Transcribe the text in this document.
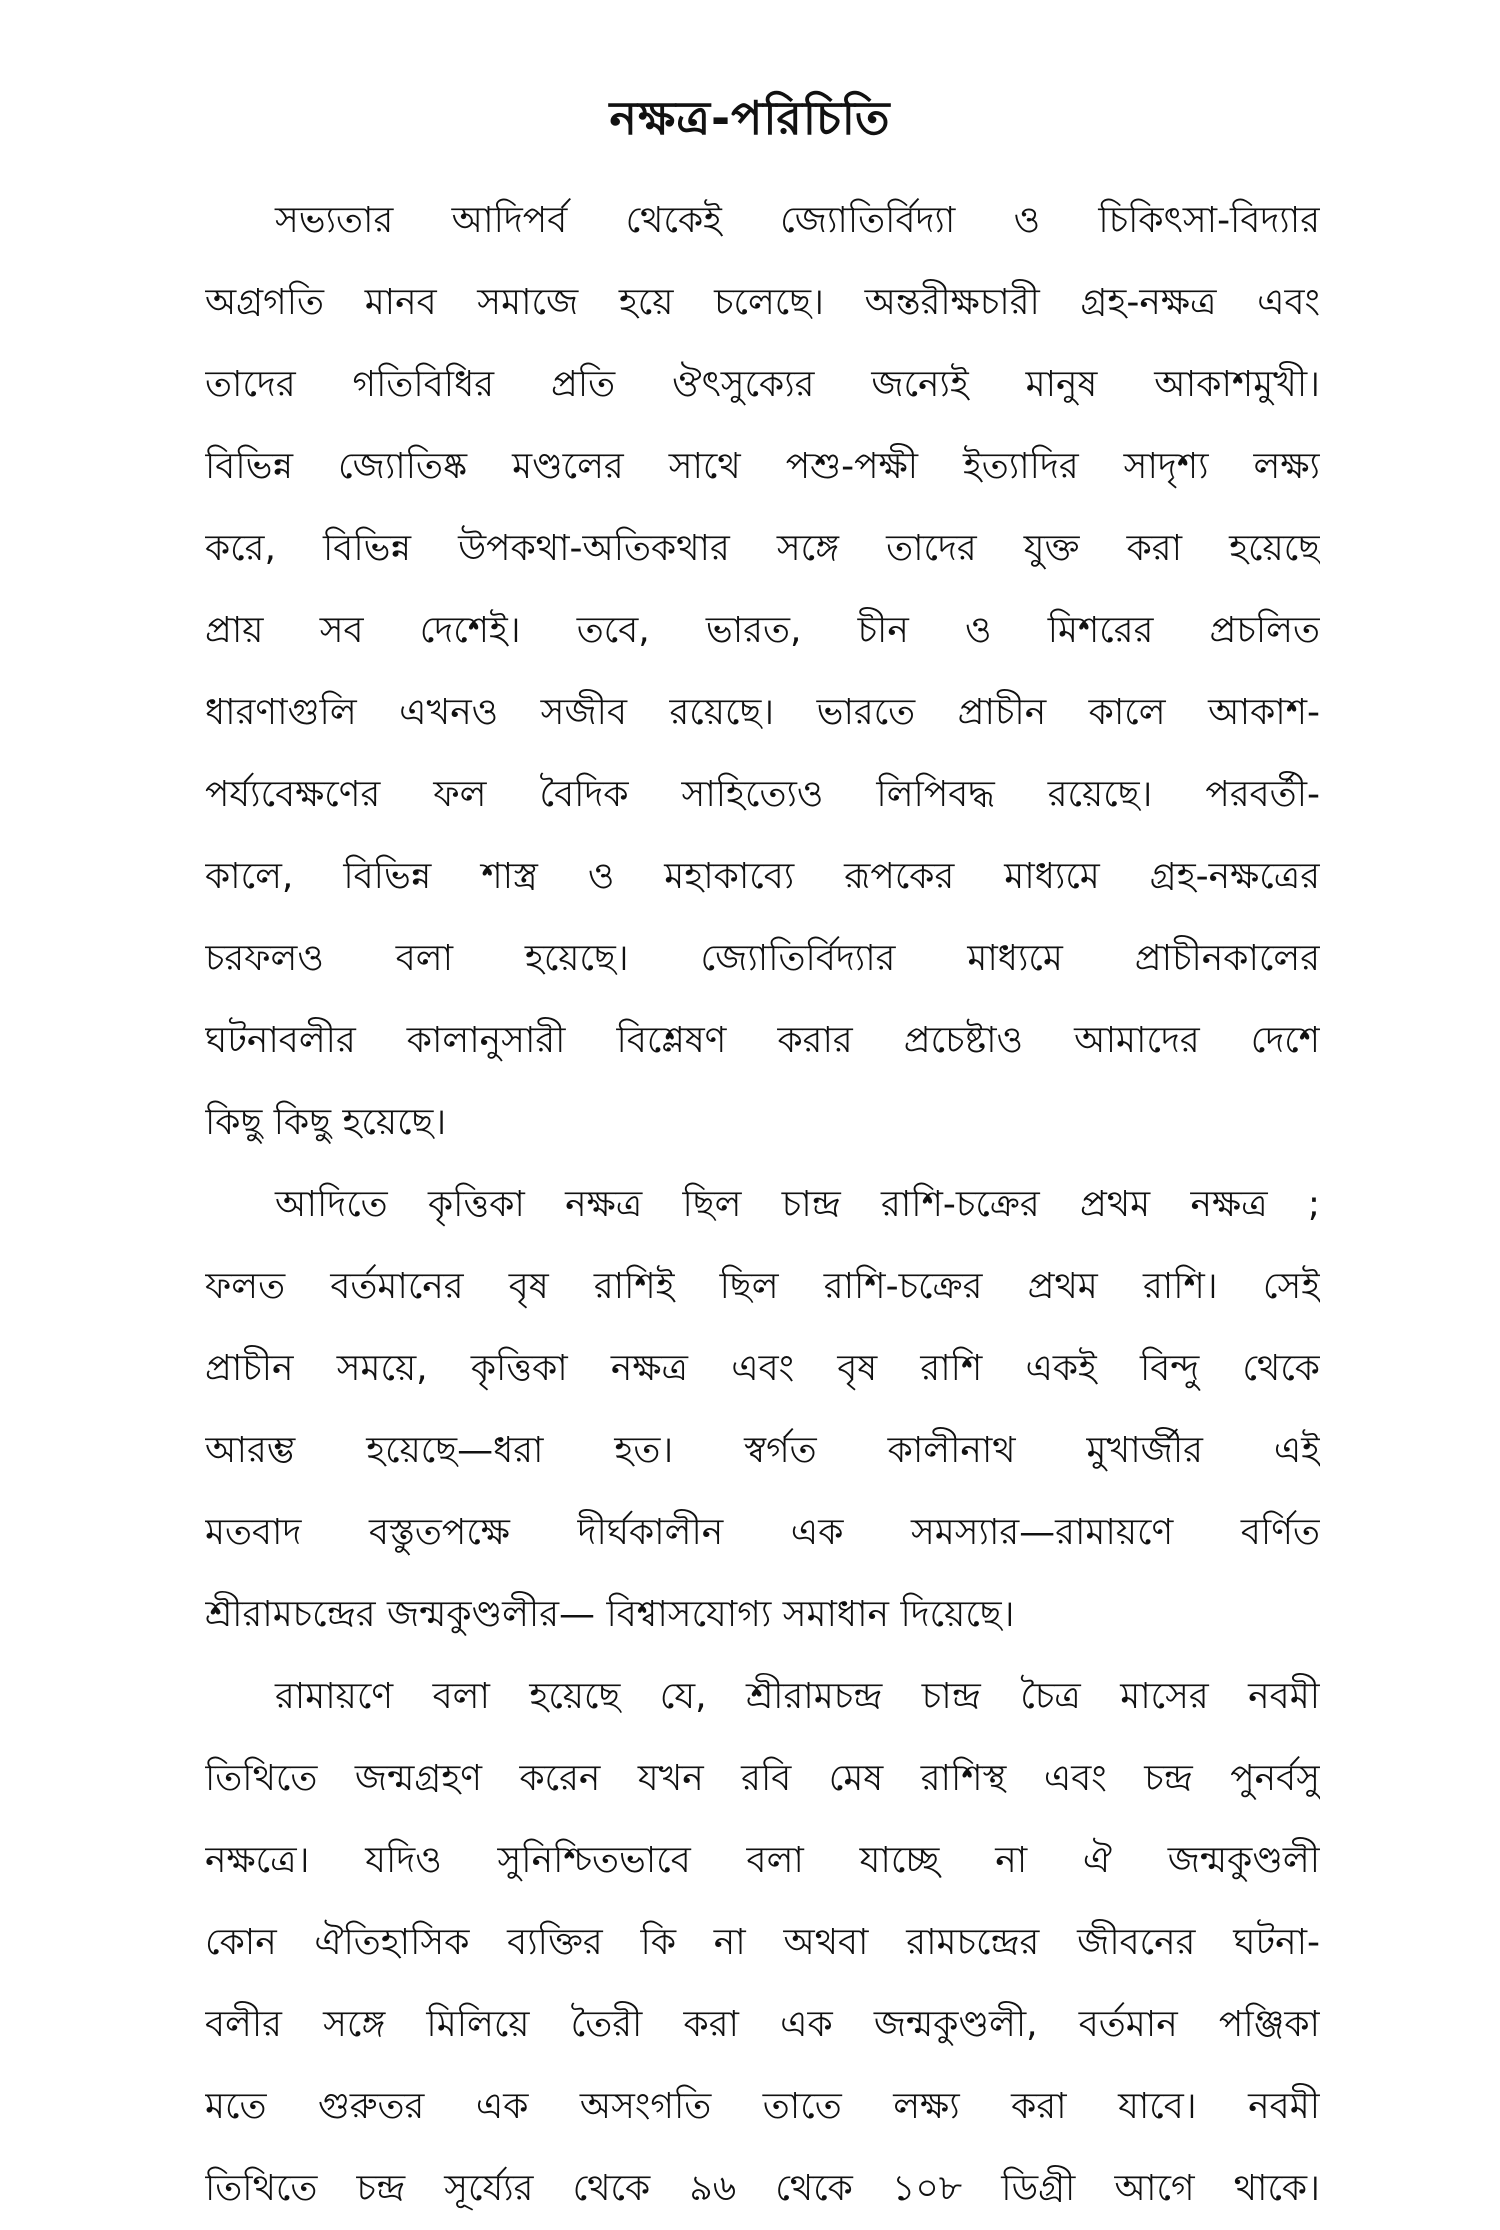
নক্ষত্র-পরিচিতি
সভ্যতার আদিপর্ব থেকেই জ্যোতির্বিদ্যা ও চিকিৎসা-বিদ্যার
অগ্রগতি মানব সমাজে হয়ে চলেছে। অন্তরীক্ষচারী গ্রহ-নক্ষত্র এবং
তাদের গতিবিধির প্রতি ঔৎসুক্যের জন্যেই মানুষ আকাশমুখী।
বিভিন্ন জ্যোতিষ্ক মণ্ডলের সাথে পশু-পক্ষী ইত্যাদির সাদৃশ্য লক্ষ্য
করে, বিভিন্ন উপকথা-অতিকথার সঙ্গে তাদের যুক্ত করা হয়েছে
প্রায় সব দেশেই। তবে, ভারত, চীন ও মিশরের প্রচলিত
ধারণাগুলি এখনও সজীব রয়েছে। ভারতে প্রাচীন কালে আকাশ-
পর্য্যবেক্ষণের ফল বৈদিক সাহিত্যেও লিপিবদ্ধ রয়েছে। পরবর্তী-
কালে, বিভিন্ন শাস্ত্র ও মহাকাব্যে রূপকের মাধ্যমে গ্রহ-নক্ষত্রের
চরফলও বলা হয়েছে। জ্যোতির্বিদ্যার মাধ্যমে প্রাচীনকালের
ঘটনাবলীর কালানুসারী বিশ্লেষণ করার প্রচেষ্টাও আমাদের দেশে
কিছু কিছু হয়েছে।
আদিতে কৃত্তিকা নক্ষত্র ছিল চান্দ্র রাশি-চক্রের প্রথম নক্ষত্র ;
ফলত বর্তমানের বৃষ রাশিই ছিল রাশি-চক্রের প্রথম রাশি। সেই
প্রাচীন সময়ে, কৃত্তিকা নক্ষত্র এবং বৃষ রাশি একই বিন্দু থেকে
আরম্ভ হয়েছে—ধরা হত। স্বর্গত কালীনাথ মুখার্জীর এই
মতবাদ বস্তুতপক্ষে দীর্ঘকালীন এক সমস্যার—রামায়ণে বর্ণিত
শ্রীরামচন্দ্রের জন্মকুণ্ডলীর— বিশ্বাসযোগ্য সমাধান দিয়েছে।
রামায়ণে বলা হয়েছে যে, শ্রীরামচন্দ্র চান্দ্র চৈত্র মাসের নবমী
তিথিতে জন্মগ্রহণ করেন যখন রবি মেষ রাশিস্থ এবং চন্দ্র পুনর্বসু
নক্ষত্রে। যদিও সুনিশ্চিতভাবে বলা যাচ্ছে না ঐ জন্মকুণ্ডলী
কোন ঐতিহাসিক ব্যক্তির কি না অথবা রামচন্দ্রের জীবনের ঘটনা-
বলীর সঙ্গে মিলিয়ে তৈরী করা এক জন্মকুণ্ডলী, বর্তমান পঞ্জিকা
মতে গুরুতর এক অসংগতি তাতে লক্ষ্য করা যাবে। নবমী
তিথিতে চন্দ্র সূর্য্যের থেকে ৯৬ থেকে ১০৮ ডিগ্রী আগে থাকে।
